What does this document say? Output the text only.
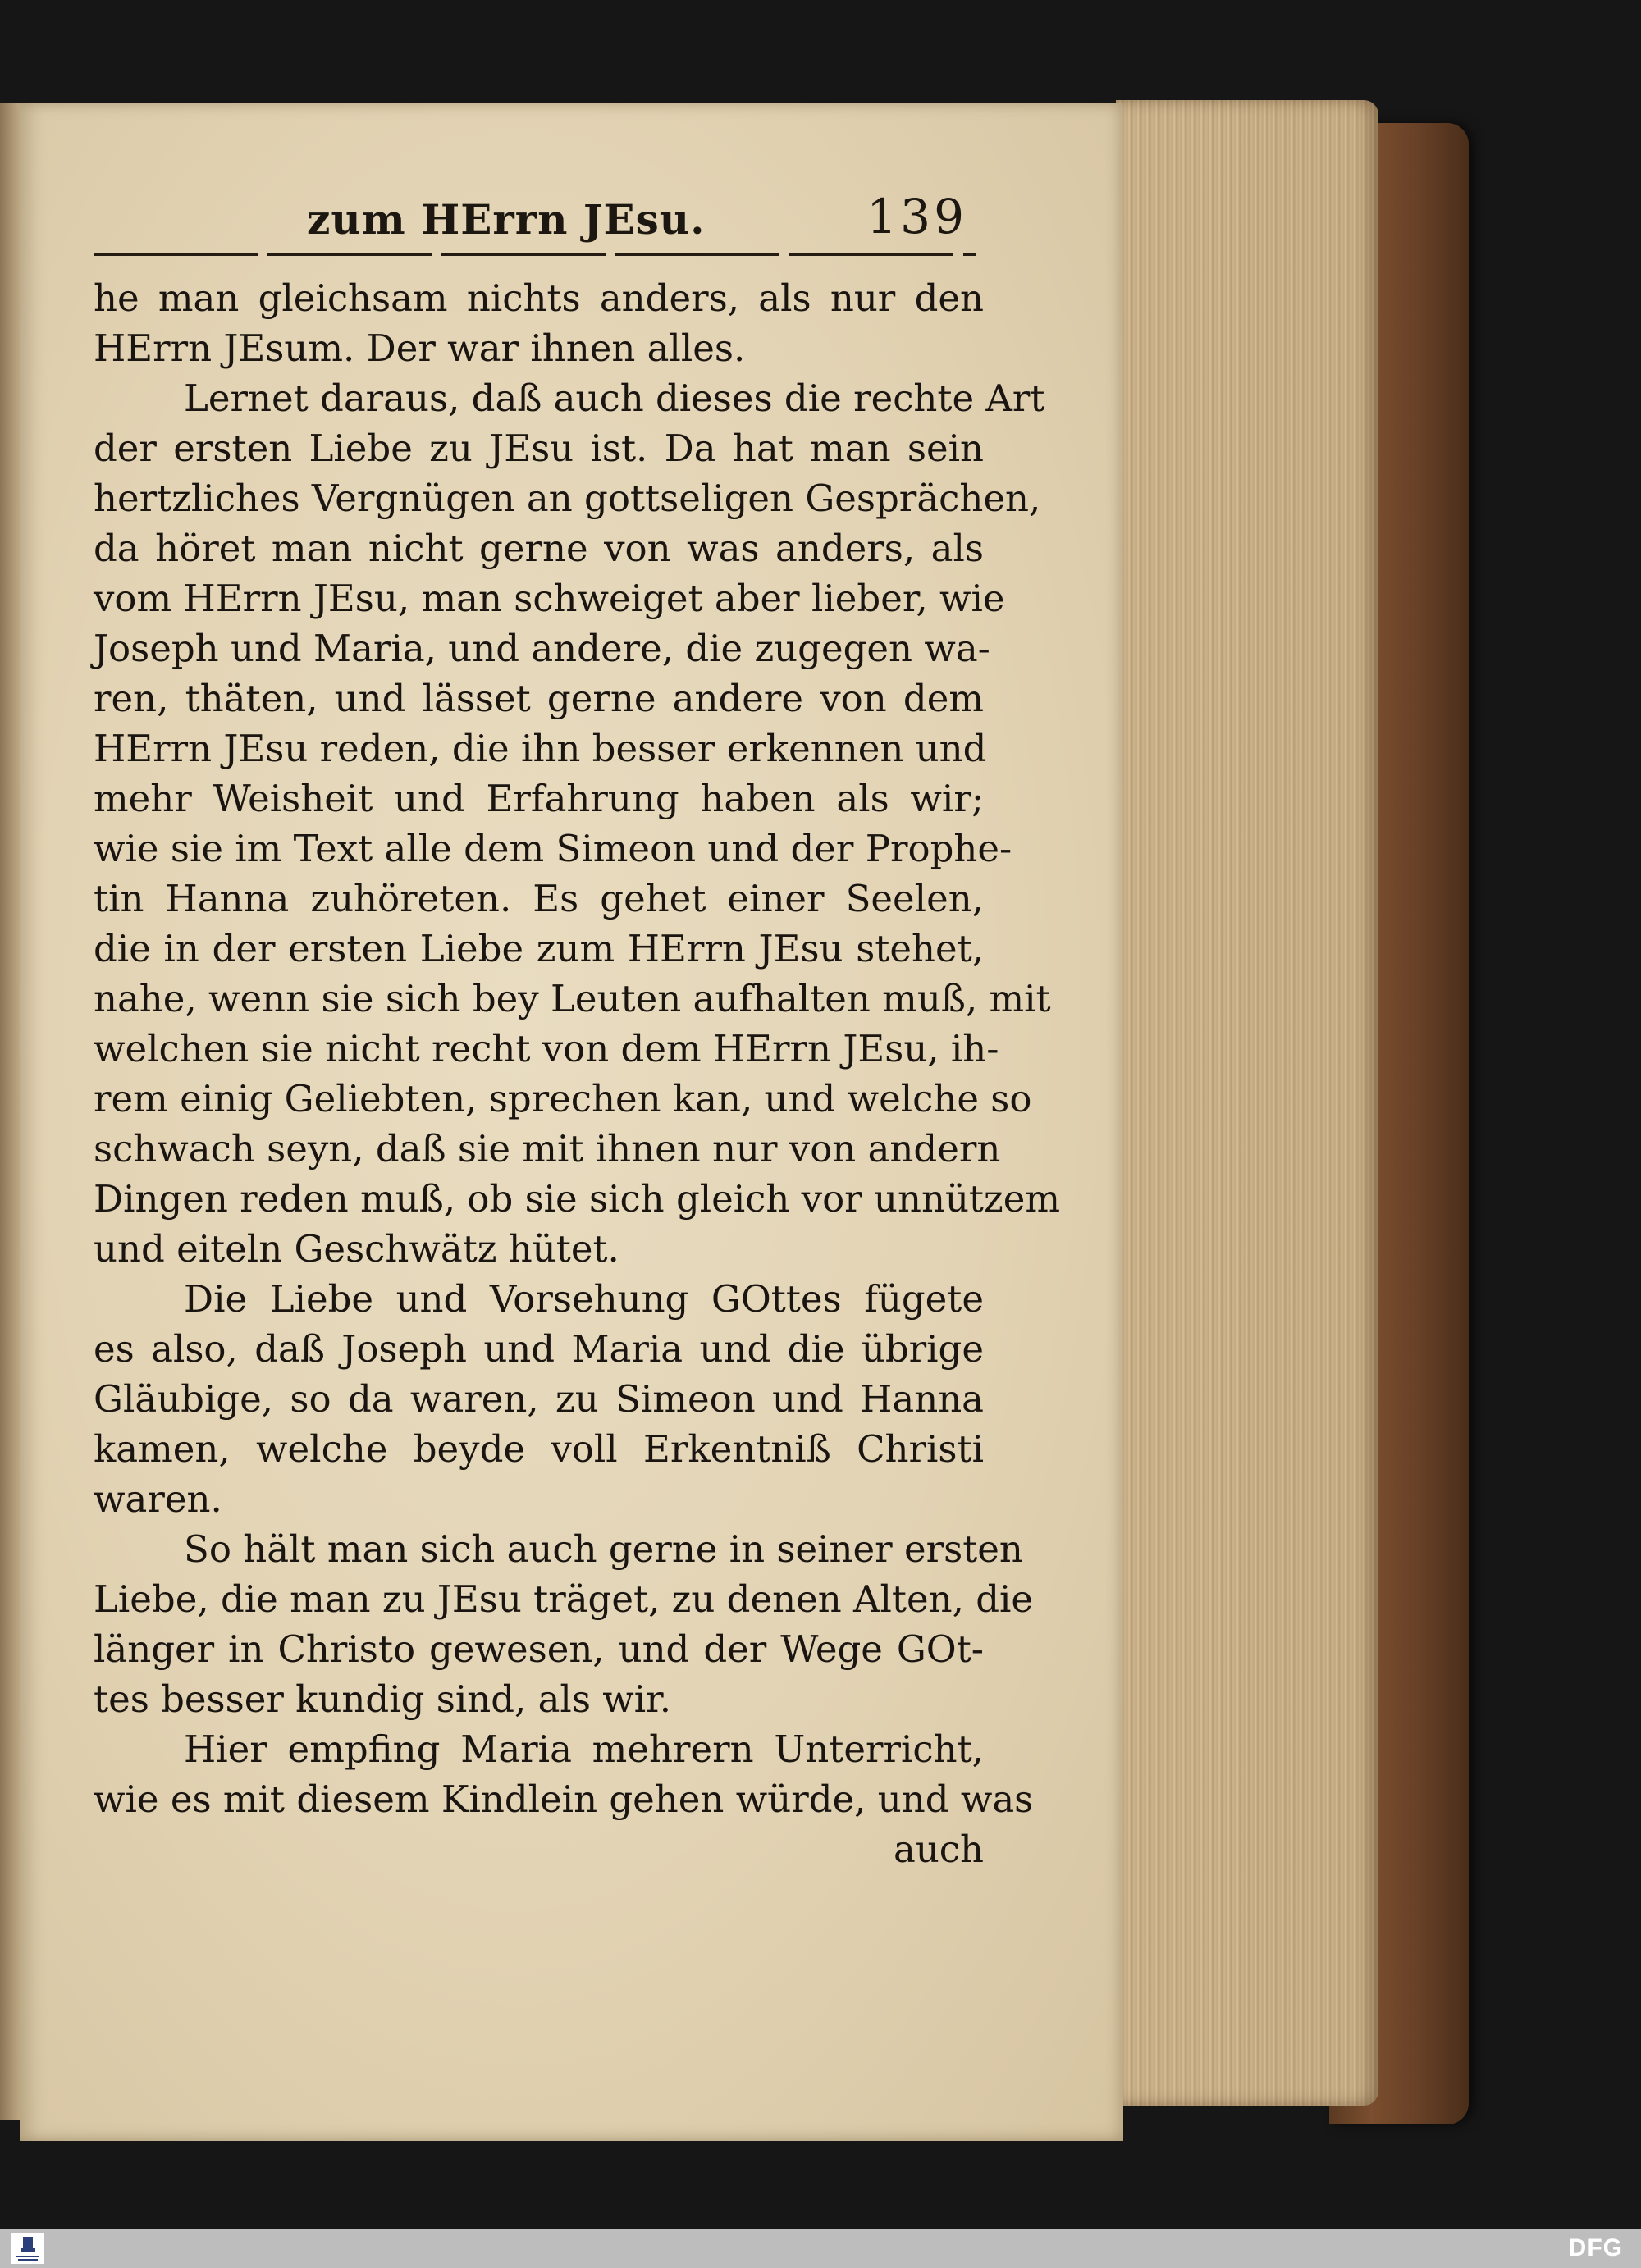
zum HErrn JEsu.	139
he man gleichsam nichts anders, als nur den
HErrn JEsum. Der war ihnen alles.
Lernet daraus, daß auch dieses die rechte Art
der ersten Liebe zu JEsu ist. Da hat man sein
hertzliches Vergnügen an gottseligen Gesprächen,
da höret man nicht gerne von was anders, als
vom HErrn JEsu, man schweiget aber lieber, wie
Joseph und Maria, und andere, die zugegen wa-
ren, thäten, und lässet gerne andere von dem
HErrn JEsu reden, die ihn besser erkennen und
mehr Weisheit und Erfahrung haben als wir;
wie sie im Text alle dem Simeon und der Prophe-
tin Hanna zuhöreten. Es gehet einer Seelen,
die in der ersten Liebe zum HErrn JEsu stehet,
nahe, wenn sie sich bey Leuten aufhalten muß, mit
welchen sie nicht recht von dem HErrn JEsu, ih-
rem einig Geliebten, sprechen kan, und welche so
schwach seyn, daß sie mit ihnen nur von andern
Dingen reden muß, ob sie sich gleich vor unnützem
und eiteln Geschwätz hütet.
Die Liebe und Vorsehung GOttes fügete
es also, daß Joseph und Maria und die übrige
Gläubige, so da waren, zu Simeon und Hanna
kamen, welche beyde voll Erkentniß Christi
waren.
So hält man sich auch gerne in seiner ersten
Liebe, die man zu JEsu träget, zu denen Alten, die
länger in Christo gewesen, und der Wege GOt-
tes besser kundig sind, als wir.
Hier empfing Maria mehrern Unterricht,
wie es mit diesem Kindlein gehen würde, und was
auch
DFG
